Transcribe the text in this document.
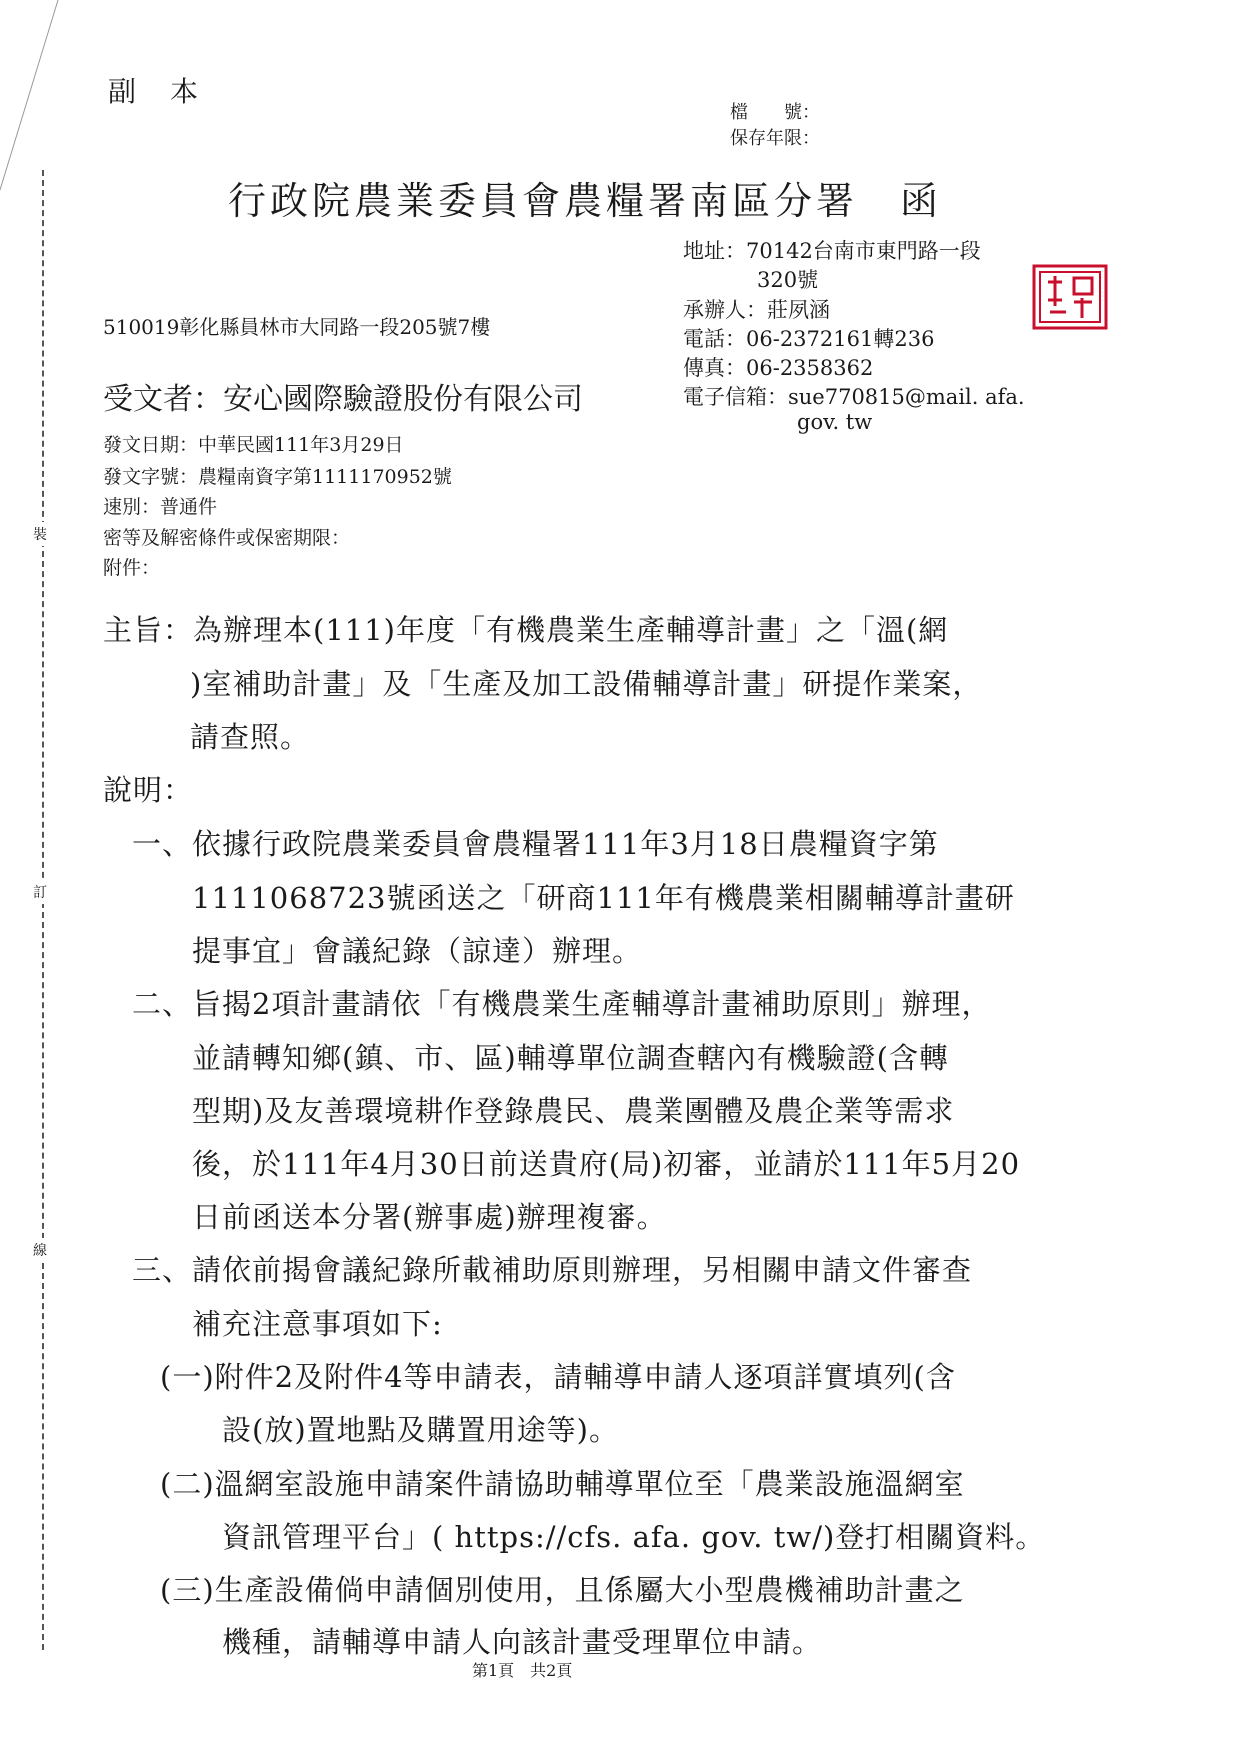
裝
訂
線
副本
檔　　號：
保存年限：
行政院農業委員會農糧署南區分署　函
地址：70142台南市東門路一段
320號
承辦人：莊夙涵
電話：06-2372161轉236
傳真：06-2358362
電子信箱：sue770815@mail. afa.
gov. tw
510019彰化縣員林市大同路一段205號7樓
受文者：安心國際驗證股份有限公司
發文日期：中華民國111年3月29日
發文字號：農糧南資字第1111170952號
速別：普通件
密等及解密條件或保密期限：
附件：
主旨：為辦理本(111)年度「有機農業生產輔導計畫」之「溫(網
)室補助計畫」及「生產及加工設備輔導計畫」研提作業案，
請查照。
說明：
一、依據行政院農業委員會農糧署111年3月18日農糧資字第
1111068723號函送之「研商111年有機農業相關輔導計畫研
提事宜」會議紀錄（諒達）辦理。
二、旨揭2項計畫請依「有機農業生產輔導計畫補助原則」辦理，
並請轉知鄉(鎮、市、區)輔導單位調查轄內有機驗證(含轉
型期)及友善環境耕作登錄農民、農業團體及農企業等需求
後，於111年4月30日前送貴府(局)初審，並請於111年5月20
日前函送本分署(辦事處)辦理複審。
三、請依前揭會議紀錄所載補助原則辦理，另相關申請文件審查
補充注意事項如下:
(一)附件2及附件4等申請表，請輔導申請人逐項詳實填列(含
設(放)置地點及購置用途等)。
(二)溫網室設施申請案件請協助輔導單位至「農業設施溫網室
資訊管理平台」( https://cfs. afa. gov. tw/)登打相關資料。
(三)生產設備倘申請個別使用，且係屬大小型農機補助計畫之
機種，請輔導申請人向該計畫受理單位申請。
第1頁　共2頁
